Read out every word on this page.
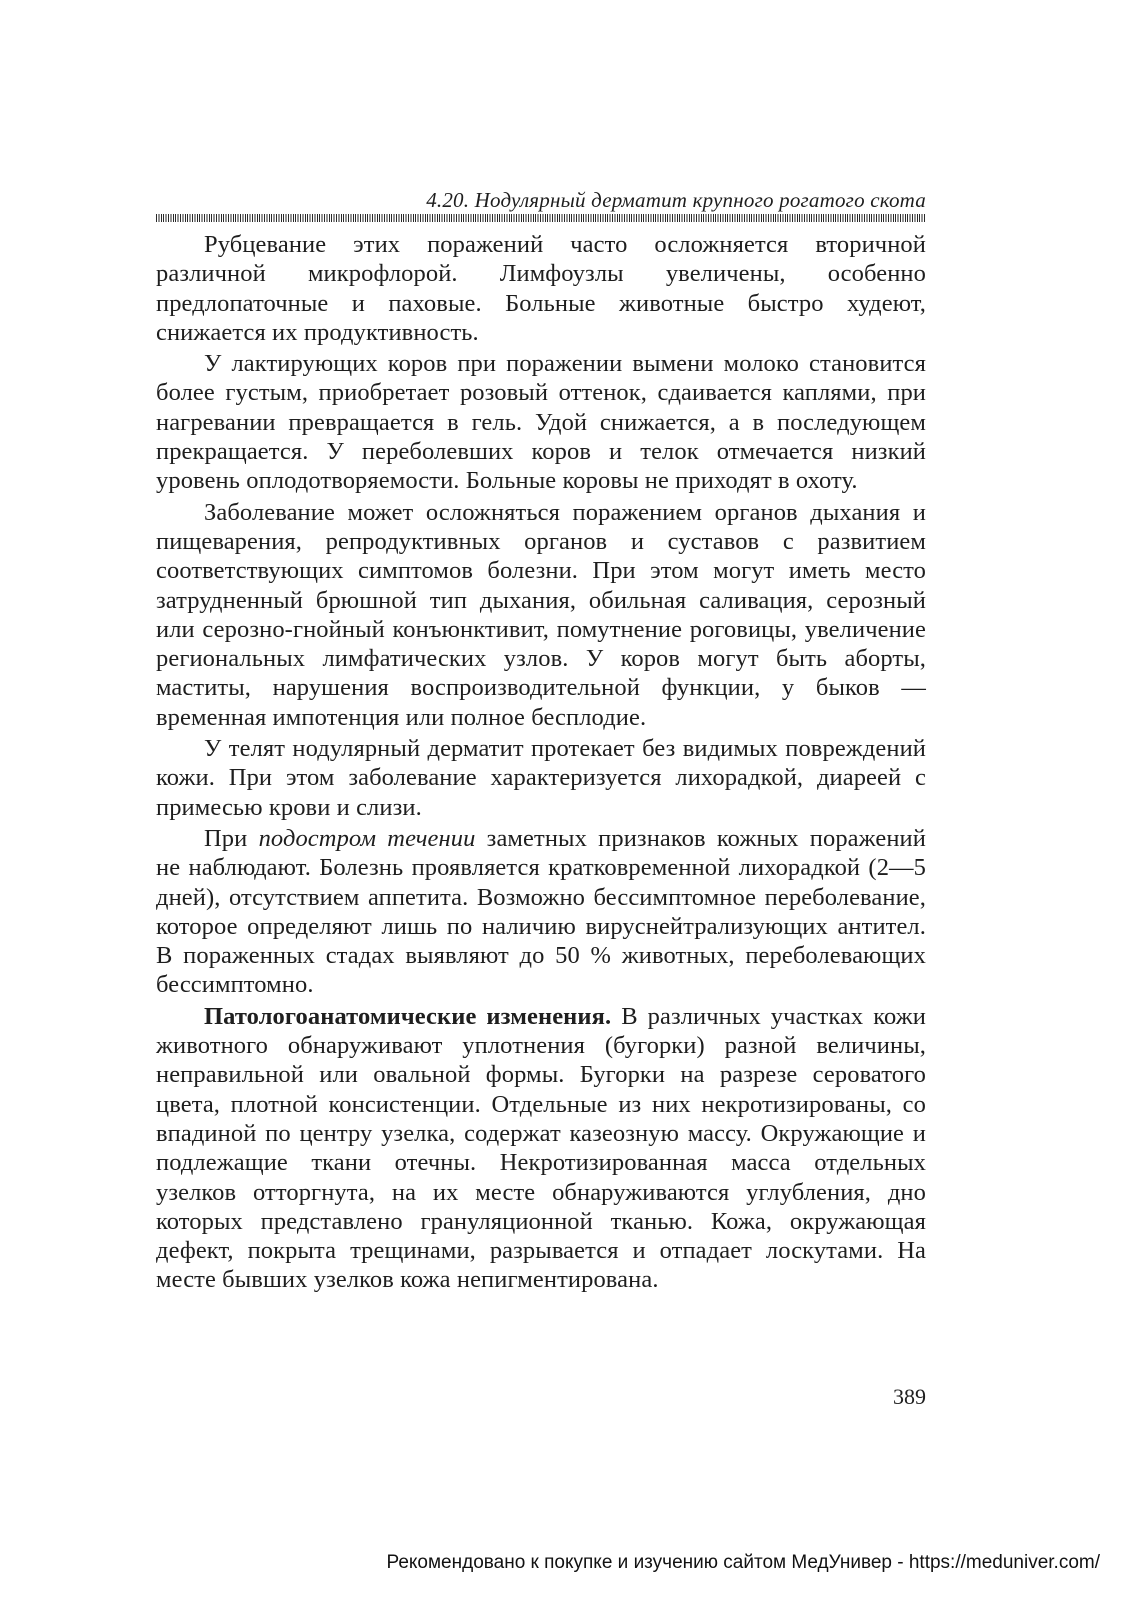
4.20. Нодулярный дерматит крупного рогатого скота

Рубцевание этих поражений часто осложняется вторичной различной микрофлорой. Лимфоузлы увеличены, особенно предлопаточные и паховые. Больные животные быстро худеют, снижается их продуктивность.

У лактирующих коров при поражении вымени молоко становится более густым, приобретает розовый оттенок, сдаивается каплями, при нагревании превращается в гель. Удой снижается, а в последующем прекращается. У переболевших коров и телок отмечается низкий уровень оплодотворяемости. Больные коровы не приходят в охоту.

Заболевание может осложняться поражением органов дыхания и пищеварения, репродуктивных органов и суставов с развитием соответствующих симптомов болезни. При этом могут иметь место затрудненный брюшной тип дыхания, обильная саливация, серозный или серозно-гнойный конъюнктивит, помутнение роговицы, увеличение региональных лимфатических узлов. У коров могут быть аборты, маститы, нарушения воспроизводительной функции, у быков — временная импотенция или полное бесплодие.

У телят нодулярный дерматит протекает без видимых повреждений кожи. При этом заболевание характеризуется лихорадкой, диареей с примесью крови и слизи.

При подостром течении заметных признаков кожных поражений не наблюдают. Болезнь проявляется кратковременной лихорадкой (2—5 дней), отсутствием аппетита. Возможно бессимптомное переболевание, которое определяют лишь по наличию вируснейтрализующих антител. В пораженных стадах выявляют до 50 % животных, переболевающих бессимптомно.

Патологоанатомические изменения. В различных участках кожи животного обнаруживают уплотнения (бугорки) разной величины, неправильной или овальной формы. Бугорки на разрезе сероватого цвета, плотной консистенции. Отдельные из них некротизированы, со впадиной по центру узелка, содержат казеозную массу. Окружающие и подлежащие ткани отечны. Некротизированная масса отдельных узелков отторгнута, на их месте обнаруживаются углубления, дно которых представлено грануляционной тканью. Кожа, окружающая дефект, покрыта трещинами, разрывается и отпадает лоскутами. На месте бывших узелков кожа непигментирована.

389
Рекомендовано к покупке и изучению сайтом МедУнивер - https://meduniver.com/
